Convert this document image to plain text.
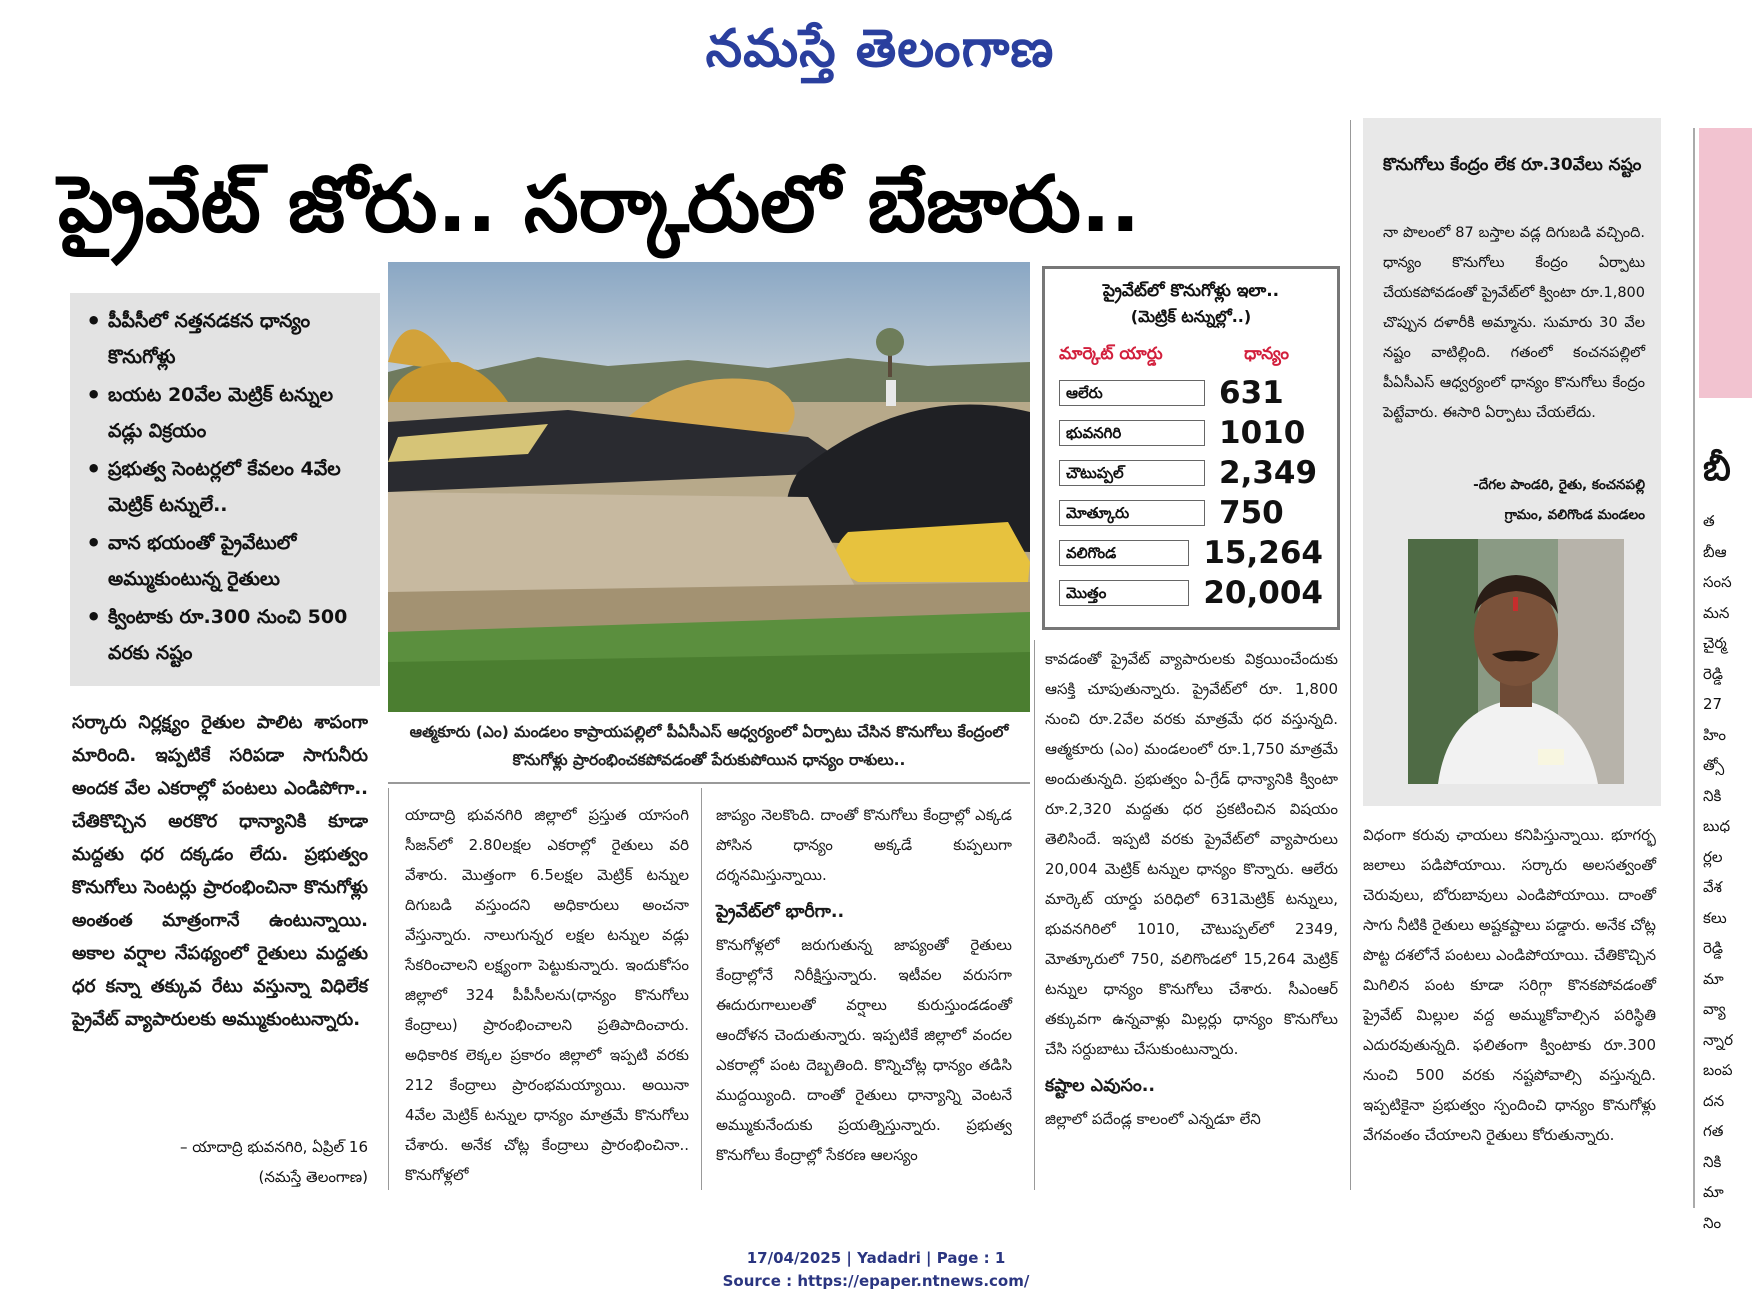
నమస్తే తెలంగాణ
ప్రైవేట్ జోరు.. సర్కారులో బేజారు..
• పీపీసీలో నత్తనడకన ధాన్యం కొనుగోళ్లు
• బయట 20వేల మెట్రిక్ టన్నుల వడ్లు విక్రయం
• ప్రభుత్వ సెంటర్లలో కేవలం 4వేల మెట్రిక్ టన్నులే..
• వాన భయంతో ప్రైవేటులో అమ్ముకుంటున్న రైతులు
• క్వింటాకు రూ.300 నుంచి 500 వరకు నష్టం
ఆత్మకూరు (ఎం) మండలం కాప్రాయపల్లిలో పీఏసీఎస్ ఆధ్వర్యంలో ఏర్పాటు చేసిన కొనుగోలు కేంద్రంలో కొనుగోళ్లు ప్రారంభించకపోవడంతో పేరుకుపోయిన ధాన్యం రాశులు..
ప్రైవేట్‌లో కొనుగోళ్లు ఇలా..
(మెట్రిక్ టన్నుల్లో..)
మార్కెట్ యార్డు	ధాన్యం
ఆలేరు	631
భువనగిరి	1010
చౌటుప్పల్	2,349
మోత్కూరు	750
వలిగొండ	15,264
మొత్తం	20,004
కొనుగోలు కేంద్రం లేక రూ.30వేలు నష్టం
నా పొలంలో 87 బస్తాల వడ్ల దిగుబడి వచ్చింది. ధాన్యం కొనుగోలు కేంద్రం ఏర్పాటు చేయకపోవడంతో ప్రైవేట్‌లో క్వింటా రూ.1,800 చొప్పున దళారీకి అమ్మాను. సుమారు 30 వేల నష్టం వాటిల్లింది. గతంలో కంచనపల్లిలో పీఏసీఎస్ ఆధ్వర్యంలో ధాన్యం కొనుగోలు కేంద్రం పెట్టేవారు. ఈసారి ఏర్పాటు చేయలేదు.
-దేగల పాండరి, రైతు, కంచనపల్లి
గ్రామం, వలిగొండ మండలం
సర్కారు నిర్లక్ష్యం రైతుల పాలిట శాపంగా మారింది. ఇప్పటికే సరిపడా సాగునీరు అందక వేల ఎకరాల్లో పంటలు ఎండిపోగా.. చేతికొచ్చిన అరకొర ధాన్యానికి కూడా మద్దతు ధర దక్కడం లేదు. ప్రభుత్వం కొనుగోలు సెంటర్లు ప్రారంభించినా కొనుగోళ్లు అంతంత మాత్రంగానే ఉంటున్నాయి. అకాల వర్షాల నేపథ్యంలో రైతులు మద్దతు ధర కన్నా తక్కువ రేటు వస్తున్నా విధిలేక ప్రైవేట్ వ్యాపారులకు అమ్ముకుంటున్నారు.
– యాదాద్రి భువనగిరి, ఏప్రిల్ 16
(నమస్తే తెలంగాణ)
యాదాద్రి భువనగిరి జిల్లాలో ప్రస్తుత యాసంగి సీజన్‌లో 2.80లక్షల ఎకరాల్లో రైతులు వరి వేశారు. మొత్తంగా 6.5లక్షల మెట్రిక్ టన్నుల దిగుబడి వస్తుందని అధికారులు అంచనా వేస్తున్నారు. నాలుగున్నర లక్షల టన్నుల వడ్లు సేకరించాలని లక్ష్యంగా పెట్టుకున్నారు. ఇందుకోసం జిల్లాలో 324 పీపీసీలను(ధాన్యం కొనుగోలు కేంద్రాలు) ప్రారంభించాలని ప్రతిపాదించారు. అధికారిక లెక్కల ప్రకారం జిల్లాలో ఇప్పటి వరకు 212 కేంద్రాలు ప్రారంభమయ్యాయి. అయినా 4వేల మెట్రిక్ టన్నుల ధాన్యం మాత్రమే కొనుగోలు చేశారు. అనేక చోట్ల కేంద్రాలు ప్రారంభించినా.. కొనుగోళ్లలో

జాప్యం నెలకొంది. దాంతో కొనుగోలు కేంద్రాల్లో ఎక్కడ పోసిన ధాన్యం అక్కడే కుప్పలుగా దర్శనమిస్తున్నాయి.

ప్రైవేట్‌లో భారీగా..

కొనుగోళ్లలో జరుగుతున్న జాప్యంతో రైతులు కేంద్రాల్లోనే నిరీక్షిస్తున్నారు. ఇటీవల వరుసగా ఈదురుగాలులతో వర్షాలు కురుస్తుండడంతో ఆందోళన చెందుతున్నారు. ఇప్పటికే జిల్లాలో వందల ఎకరాల్లో పంట దెబ్బతింది. కొన్నిచోట్ల ధాన్యం తడిసి ముద్దయ్యింది. దాంతో రైతులు ధాన్యాన్ని వెంటనే అమ్ముకునేందుకు ప్రయత్నిస్తున్నారు. ప్రభుత్వ కొనుగోలు కేంద్రాల్లో సేకరణ ఆలస్యం

కావడంతో ప్రైవేట్ వ్యాపారులకు విక్రయించేందుకు ఆసక్తి చూపుతున్నారు. ప్రైవేట్‌లో రూ. 1,800 నుంచి రూ.2వేల వరకు మాత్రమే ధర వస్తున్నది. ఆత్మకూరు (ఎం) మండలంలో రూ.1,750 మాత్రమే అందుతున్నది. ప్రభుత్వం ఏ-గ్రేడ్ ధాన్యానికి క్వింటా రూ.2,320 మద్దతు ధర ప్రకటించిన విషయం తెలిసిందే. ఇప్పటి వరకు ప్రైవేట్‌లో వ్యాపారులు 20,004 మెట్రిక్ టన్నుల ధాన్యం కొన్నారు. ఆలేరు మార్కెట్ యార్డు పరిధిలో 631మెట్రిక్ టన్నులు, భువనగిరిలో 1010, చౌటుప్పల్‌లో 2349, మోత్కూరులో 750, వలిగొండలో 15,264 మెట్రిక్ టన్నుల ధాన్యం కొనుగోలు చేశారు. సీఎంఆర్ తక్కువగా ఉన్నవాళ్లు మిల్లర్లు ధాన్యం కొనుగోలు చేసి సర్దుబాటు చేసుకుంటున్నారు.

కష్టాల ఎవుసం..

జిల్లాలో పదేండ్ల కాలంలో ఎన్నడూ లేని

విధంగా కరువు ఛాయలు కనిపిస్తున్నాయి. భూగర్భ జలాలు పడిపోయాయి. సర్కారు అలసత్వంతో చెరువులు, బోరుబావులు ఎండిపోయాయి. దాంతో సాగు నీటికి రైతులు అష్టకష్టాలు పడ్డారు. అనేక చోట్ల పొట్ట దశలోనే పంటలు ఎండిపోయాయి. చేతికొచ్చిన మిగిలిన పంట కూడా సరిగ్గా కొనకపోవడంతో ప్రైవేట్ మిల్లుల వద్ద అమ్ముకోవాల్సిన పరిస్థితి ఎదురవుతున్నది. ఫలితంగా క్వింటాకు రూ.300 నుంచి 500 వరకు నష్టపోవాల్సి వస్తున్నది. ఇప్పటికైనా ప్రభుత్వం స్పందించి ధాన్యం కొనుగోళ్లు వేగవంతం చేయాలని రైతులు కోరుతున్నారు.
బీ
త
బీఆ
సంస
మన
చైర్మ
రెడ్డి
27
హిం
త్సో
నికి
బుధ
ర్లల
వేశ
కలు
రెడ్డి
మా
వ్యా
న్నార
బంప
దన
గత
నికి
మా
నిం
17/04/2025 | Yadadri | Page : 1
Source : https://epaper.ntnews.com/
